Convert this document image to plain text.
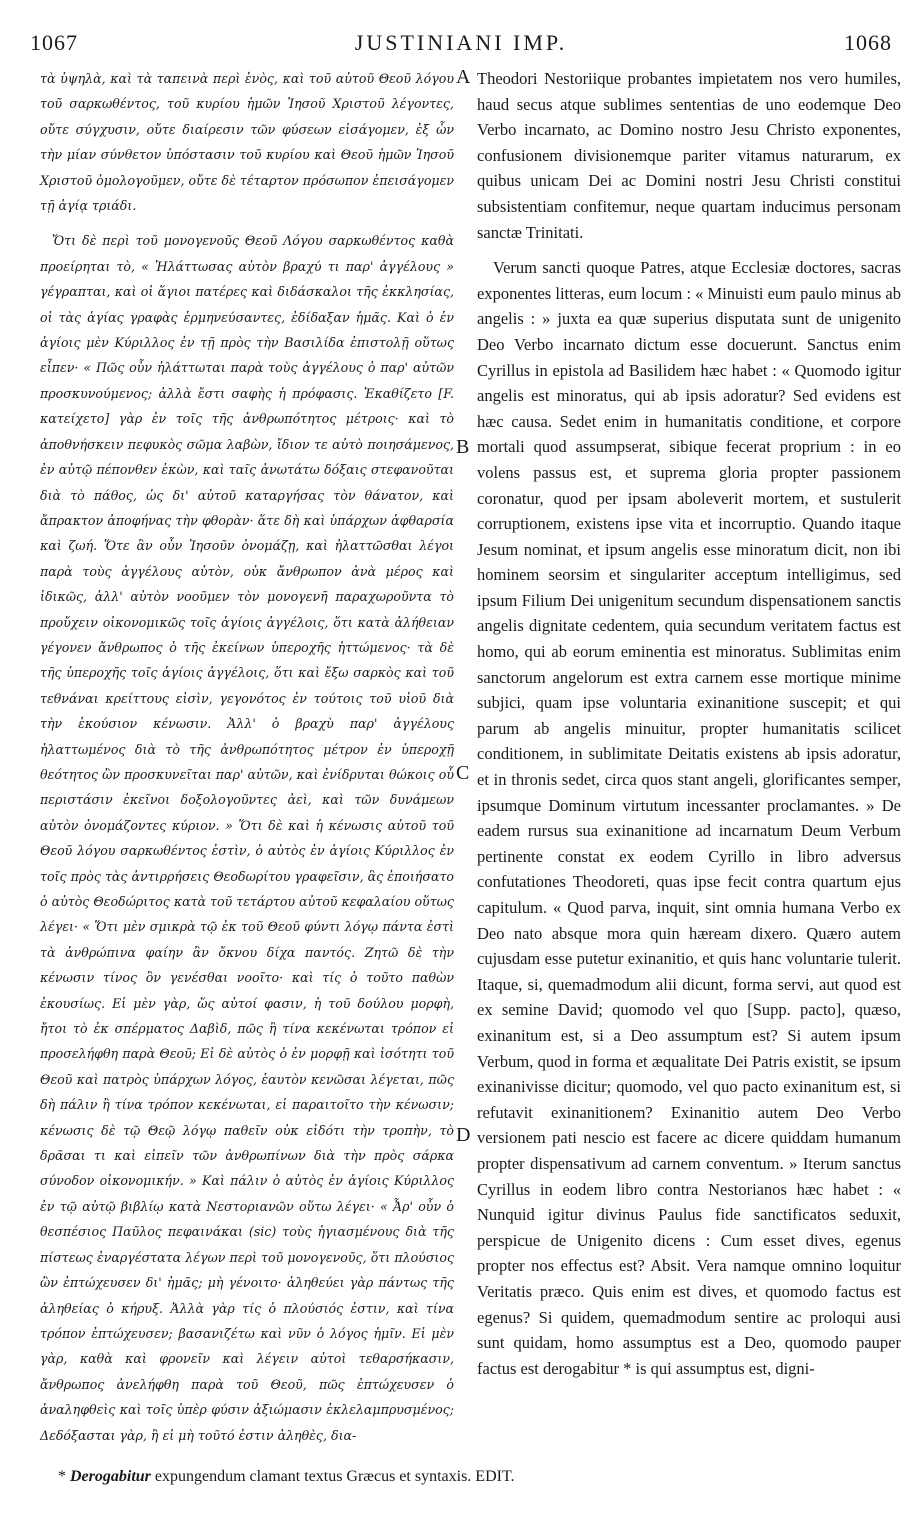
1067	JUSTINIANI IMP.	1068

τὰ ὑψηλὰ, καὶ τὰ ταπεινὰ περὶ ἑνὸς, καὶ τοῦ αὐτοῦ Θεοῦ λόγου τοῦ σαρκωθέντος, τοῦ κυρίου ἡμῶν Ἰησοῦ Χριστοῦ λέγοντες, οὔτε σύγχυσιν, οὔτε διαίρεσιν τῶν φύσεων εἰσάγομεν, ἐξ ὧν τὴν μίαν σύνθετον ὑπόστασιν τοῦ κυρίου καὶ Θεοῦ ἡμῶν Ἰησοῦ Χριστοῦ ὁμολογοῦμεν, οὔτε δὲ τέταρτον πρόσωπον ἐπεισάγομεν τῇ ἁγίᾳ τριάδι.

Ὅτι δὲ περὶ τοῦ μονογενοῦς Θεοῦ Λόγου σαρκωθέντος καθὰ προείρηται τὸ, « Ἠλάττωσας αὐτὸν βραχύ τι παρ' ἀγγέλους » γέγραπται, καὶ οἱ ἅγιοι πατέρες καὶ διδάσκαλοι τῆς ἐκκλησίας, οἱ τὰς ἁγίας γραφὰς ἑρμηνεύσαντες, ἐδίδαξαν ἡμᾶς. Καὶ ὁ ἐν ἁγίοις μὲν Κύριλλος ἐν τῇ πρὸς τὴν Βασιλίδα ἐπιστολῇ οὕτως εἶπεν· « Πῶς οὖν ἠλάττωται παρὰ τοὺς ἀγγέλους ὁ παρ' αὐτῶν προσκυνούμενος; ἀλλὰ ἔστι σαφὴς ἡ πρόφασις. Ἐκαθίζετο [F. κατείχετο] γὰρ ἐν τοῖς τῆς ἀνθρωπότητος μέτροις· καὶ τὸ ἀποθνήσκειν πεφυκὸς σῶμα λαβὼν, ἴδιον τε αὐτὸ ποιησάμενος, ἐν αὐτῷ πέπονθεν ἑκὼν, καὶ ταῖς ἀνωτάτω δόξαις στεφανοῦται διὰ τὸ πάθος, ὡς δι' αὐτοῦ καταργήσας τὸν θάνατον, καὶ ἄπρακτον ἀποφήνας τὴν φθορὰν· ἅτε δὴ καὶ ὑπάρχων ἀφθαρσία καὶ ζωή. Ὅτε ἂν οὖν Ἰησοῦν ὀνομάζῃ, καὶ ἠλαττῶσθαι λέγοι παρὰ τοὺς ἀγγέλους αὐτὸν, οὐκ ἄνθρωπον ἀνὰ μέρος καὶ ἰδικῶς, ἀλλ' αὐτὸν νοοῦμεν τὸν μονογενῆ παραχωροῦντα τὸ προὔχειν οἰκονομικῶς τοῖς ἁγίοις ἀγγέλοις, ὅτι κατὰ ἀλήθειαν γέγονεν ἄνθρωπος ὁ τῆς ἐκείνων ὑπεροχῆς ἡττώμενος· τὰ δὲ τῆς ὑπεροχῆς τοῖς ἁγίοις ἀγγέλοις, ὅτι καὶ ἔξω σαρκὸς καὶ τοῦ τεθνάναι κρείττους εἰσὶν, γεγονότος ἐν τούτοις τοῦ υἱοῦ διὰ τὴν ἑκούσιον κένωσιν. Ἀλλ' ὁ βραχὺ παρ' ἀγγέλους ἠλαττωμένος διὰ τὸ τῆς ἀνθρωπότητος μέτρον ἐν ὑπεροχῇ θεότητος ὢν προσκυνεῖται παρ' αὐτῶν, καὶ ἐνίδρυται θώκοις οὗ περιστάσιν ἐκεῖνοι δοξολογοῦντες ἀεὶ, καὶ τῶν δυνάμεων αὐτὸν ὀνομάζοντες κύριον. » Ὅτι δὲ καὶ ἡ κένωσις αὐτοῦ τοῦ Θεοῦ λόγου σαρκωθέντος ἐστὶν, ὁ αὐτὸς ἐν ἁγίοις Κύριλλος ἐν τοῖς πρὸς τὰς ἀντιρρήσεις Θεοδωρίτου γραφεῖσιν, ἃς ἐποιήσατο ὁ αὐτὸς Θεοδώριτος κατὰ τοῦ τετάρτου αὐτοῦ κεφαλαίου οὕτως λέγει· « Ὅτι μὲν σμικρὰ τῷ ἐκ τοῦ Θεοῦ φύντι λόγῳ πάντα ἐστὶ τὰ ἀνθρώπινα φαίην ἂν ὄκνου δίχα παντός. Ζητῶ δὲ τὴν κένωσιν τίνος ὂν γενέσθαι νοοῖτο· καὶ τίς ὁ τοῦτο παθὼν ἑκουσίως. Εἰ μὲν γὰρ, ὥς αὐτοί φασιν, ἡ τοῦ δούλου μορφὴ, ἤτοι τὸ ἐκ σπέρματος Δαβὶδ, πῶς ἢ τίνα κεκένωται τρόπον εἰ προσελήφθη παρὰ Θεοῦ; Εἰ δὲ αὐτὸς ὁ ἐν μορφῇ καὶ ἰσότητι τοῦ Θεοῦ καὶ πατρὸς ὑπάρχων λόγος, ἑαυτὸν κενῶσαι λέγεται, πῶς δὴ πάλιν ἢ τίνα τρόπον κεκένωται, εἰ παραιτοῖτο τὴν κένωσιν; κένωσις δὲ τῷ Θεῷ λόγῳ παθεῖν οὐκ εἰδότι τὴν τροπὴν, τὸ δρᾶσαι τι καὶ εἰπεῖν τῶν ἀνθρωπίνων διὰ τὴν πρὸς σάρκα σύνοδον οἰκονομικήν. » Καὶ πάλιν ὁ αὐτὸς ἐν ἁγίοις Κύριλλος ἐν τῷ αὐτῷ βιβλίῳ κατὰ Νεστοριανῶν οὕτω λέγει· « Ἆρ' οὖν ὁ θεσπέσιος Παῦλος πεφαινάκαι (sic) τοὺς ἡγιασμένους διὰ τῆς πίστεως ἐναργέστατα λέγων περὶ τοῦ μονογενοῦς, ὅτι πλούσιος ὢν ἐπτώχευσεν δι' ἡμᾶς; μὴ γένοιτο· ἀληθεύει γὰρ πάντως τῆς ἀληθείας ὁ κήρυξ. Ἀλλὰ γὰρ τίς ὁ πλούσιός ἐστιν, καὶ τίνα τρόπον ἐπτώχευσεν; βασανιζέτω καὶ νῦν ὁ λόγος ἡμῖν. Εἰ μὲν γὰρ, καθὰ καὶ φρονεῖν καὶ λέγειν αὐτοὶ τεθαρσήκασιν, ἄνθρωπος ἀνελήφθη παρὰ τοῦ Θεοῦ, πῶς ἐπτώχευσεν ὁ ἀναληφθεὶς καὶ τοῖς ὑπὲρ φύσιν ἀξιώμασιν ἐκλελαμπρυσμένος; Δεδόξασται γὰρ, ἢ εἰ μὴ τοῦτό ἐστιν ἀληθὲς, δια-

A
B
C
D

Theodori Nestoriique probantes impietatem nos vero humiles, haud secus atque sublimes sententias de uno eodemque Deo Verbo incarnato, ac Domino nostro Jesu Christo exponentes, confusionem divisionemque pariter vitamus naturarum, ex quibus unicam Dei ac Domini nostri Jesu Christi constitui subsistentiam confitemur, neque quartam inducimus personam sanctæ Trinitati.

Verum sancti quoque Patres, atque Ecclesiæ doctores, sacras exponentes litteras, eum locum : « Minuisti eum paulo minus ab angelis : » juxta ea quæ superius disputata sunt de unigenito Deo Verbo incarnato dictum esse docuerunt. Sanctus enim Cyrillus in epistola ad Basilidem hæc habet : « Quomodo igitur angelis est minoratus, qui ab ipsis adoratur? Sed evidens est hæc causa. Sedet enim in humanitatis conditione, et corpore mortali quod assumpserat, sibique fecerat proprium : in eo volens passus est, et suprema gloria propter passionem coronatur, quod per ipsam aboleverit mortem, et sustulerit corruptionem, existens ipse vita et incorruptio. Quando itaque Jesum nominat, et ipsum angelis esse minoratum dicit, non ibi hominem seorsim et singulariter acceptum intelligimus, sed ipsum Filium Dei unigenitum secundum dispensationem sanctis angelis dignitate cedentem, quia secundum veritatem factus est homo, qui ab eorum eminentia est minoratus. Sublimitas enim sanctorum angelorum est extra carnem esse mortique minime subjici, quam ipse voluntaria exinanitione suscepit; et qui parum ab angelis minuitur, propter humanitatis scilicet conditionem, in sublimitate Deitatis existens ab ipsis adoratur, et in thronis sedet, circa quos stant angeli, glorificantes semper, ipsumque Dominum virtutum incessanter proclamantes. » De eadem rursus sua exinanitione ad incarnatum Deum Verbum pertinente constat ex eodem Cyrillo in libro adversus confutationes Theodoreti, quas ipse fecit contra quartum ejus capitulum. « Quod parva, inquit, sint omnia humana Verbo ex Deo nato absque mora quin hæream dixero. Quæro autem cujusdam esse putetur exinanitio, et quis hanc voluntarie tulerit. Itaque, si, quemadmodum alii dicunt, forma servi, aut quod est ex semine David; quomodo vel quo [Supp. pacto], quæso, exinanitum est, si a Deo assumptum est? Si autem ipsum Verbum, quod in forma et æqualitate Dei Patris existit, se ipsum exinanivisse dicitur; quomodo, vel quo pacto exinanitum est, si refutavit exinanitionem? Exinanitio autem Deo Verbo versionem pati nescio est facere ac dicere quiddam humanum propter dispensativum ad carnem conventum. » Iterum sanctus Cyrillus in eodem libro contra Nestorianos hæc habet : « Nunquid igitur divinus Paulus fide sanctificatos seduxit, perspicue de Unigenito dicens : Cum esset dives, egenus propter nos effectus est? Absit. Vera namque omnino loquitur Veritatis præco. Quis enim est dives, et quomodo factus est egenus? Si quidem, quemadmodum sentire ac proloqui ausi sunt quidam, homo assumptus est a Deo, quomodo pauper factus est derogabitur * is qui assumptus est, digni-

* Derogabitur expungendum clamant textus Græcus et syntaxis. EDIT.
